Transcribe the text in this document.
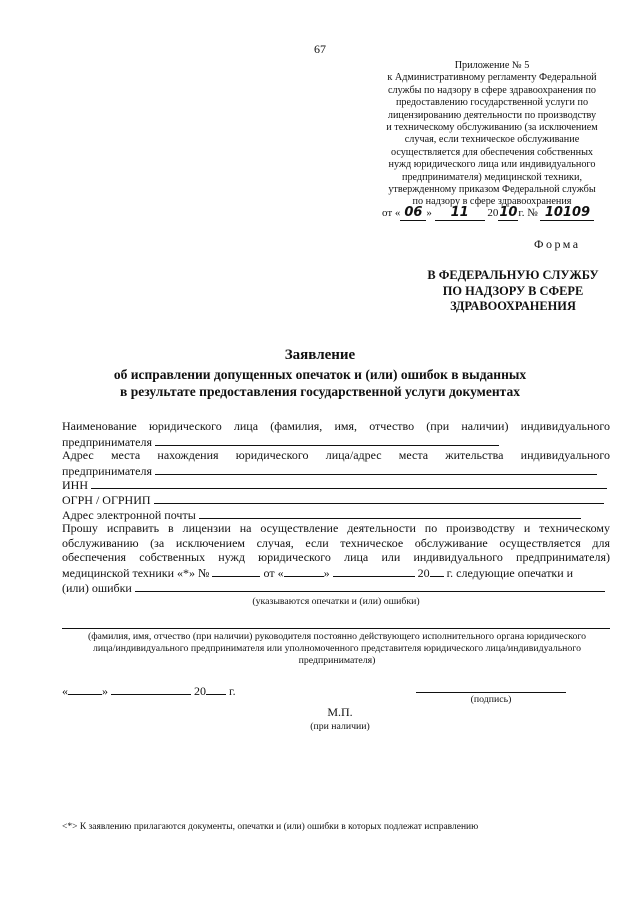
67
Приложение № 5
к Административному регламенту Федеральной
службы по надзору в сфере здравоохранения по
предоставлению государственной услуги по
лицензированию деятельности по производству
и техническому обслуживанию (за исключением
случая, если техническое обслуживание
осуществляется для обеспечения собственных
нужд юридического лица или индивидуального
предпринимателя) медицинской техники,
утвержденному приказом Федеральной службы
по надзору в сфере здравоохранения
от « 06 » 11 2010г. № 10109
Форма
В ФЕДЕРАЛЬНУЮ СЛУЖБУ
ПО НАДЗОРУ В СФЕРЕ
ЗДРАВООХРАНЕНИЯ
Заявление
об исправлении допущенных опечаток и (или) ошибок в выданных
в результате предоставления государственной услуги документах
Наименование юридического лица (фамилия, имя, отчество (при наличии) индивидуального
предпринимателя
Адрес места нахождения юридического лица/адрес места жительства индивидуального
предпринимателя
ИНН
ОГРН / ОГРНИП
Адрес электронной почты
Прошу исправить в лицензии на осуществление деятельности по производству и техническому
обслуживанию (за исключением случая, если техническое обслуживание осуществляется для
обеспечения собственных нужд юридического лица или индивидуального предпринимателя)
медицинской техники «*» №	от «	»	20 г. следующие опечатки и
(или) ошибки
(указываются опечатки и (или) ошибки)
(фамилия, имя, отчество (при наличии) руководителя постоянно действующего исполнительного органа юридического лица/индивидуального предпринимателя или уполномоченного представителя юридического лица/индивидуального предпринимателя)
«	»	20 г.
(подпись)
М.П.
(при наличии)
<*> К заявлению прилагаются документы, опечатки и (или) ошибки в которых подлежат исправлению
